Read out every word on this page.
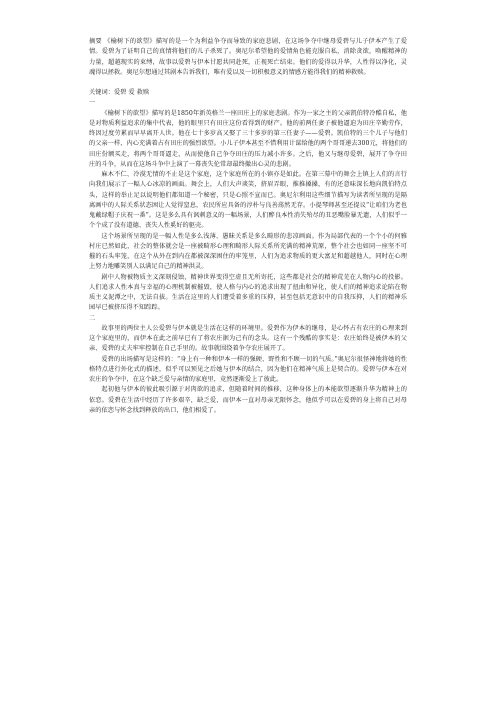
摘要 《榆树下的欲望》描写的是一个为利益争夺而导致的家庭悲剧，在这场争夺中继母爱碧与儿子伊本产生了爱情。爱碧为了证明自己的真情将他们的儿子杀死了。奥尼尔希望他的爱情角色能克服自私，消除贪欲，唤醒精神的力量，超越现实的束缚，故事以爱碧与伊本甘愿共同赴死，正视死亡结束。他们的爱得以升华，人性得以净化，灵魂得以拯救。奥尼尔想通过其剧本告诉我们，唯有爱以及一切积极意义的情感方能得我们的精神救赎。

关键词：爱碧 爱 救赎

一

《榆树下的欲望》描写的是1850年新英格兰一座田庄上的家庭悲剧。作为一家之主的父亲凯伯特冷酷自私，他是对物质利益追求的集中代表，他的眼里只有田庄这份看得到的财产。他的前两任妻子被他逼迫为田庄辛勤劳作，终因过度劳累而早早离开人世。他在七十多岁高又娶了三十多岁的第三任妻子——爱碧。凯伯特的三个儿子与他们的父亲一样，内心充满着占有田庄的强烈欲望。小儿子伊本甚至不惜利用计谋给他的两个哥哥递去300元，将他们的田庄份额买走，将两个哥哥逼走，从而使他自己争夺田庄的压力减小许多。之后，他又与继母爱碧，展开了争夺田庄的斗争，从而在这场斗争中上演了一幕丧失伦常却最终撤出心灵的悲剧。

麻木不仁、冷漠无情的不止是这个家庭，这个家庭所在的小镇亦是如此。在第三幕中的舞会上镇上人们的言行向我们展示了一幅人心冰凉的画面。舞会上，人们大声谈笑，挤眉弄眼，推推搡搡，有的还意味深长地向凯伯特点头，这样的举止足以说明他们都知道一个秘密，只是心照不宣而已。奥尼尔利用这些细节描写为读者所呈现的是隔离画中的人际关系状态困让人觉得窒息，农民所应具备的淳朴与良善荡然无存。小提琴师甚至还提议“让咱们为老也鬼戴绿帽子庆祝一番”。这是多么具有讽刺意义的一幅场景，人们醉良本性消失殆尽的丑恶嘴脸暴无遗，人们似乎一个个成了没有道德、丧失人性奚好的驱壳。

这个场景所呈现的是一幅人性是多么浅薄、愚昧关系是多么畸形的悲凉画面。作为局部代表的一个个小的何雅村庄已然如此，社会的整体就会是一座被畸形心理和畸形人际关系所充满的精神荒原，整个社会也如同一座坚不可摧的石头牢笼，在这个从外在到内在都被深深困住的牢笼里，人们为追求物质的更大富足和超越他人，同时在心理上努力地雕笑别人以满足自己的精神洪灵。

剧中人物被物质主义深刻侵蚀，精神世界变得空虚且无所寄托，这些都是社会的精神荒芜在人物内心的投影。人们追求人性本真与幸福的心理机制被摧毁，使人格与内心的追求出现了扭曲和异化，使人们的精神追求论陷在物质主义泥潭之中，无法自拔。生活在这里的人们遭受着多重的压抑，甚至包括无意识中的自我压抑，人们的精神乐园早已被挤压得不知踪踪。

二

故事里的两位主人公爱碧与伊本就是生活在这样的环境里。爱碧作为伊本的继母，是心怀占有农庄的心理来到这个家庭里的，而伊本在此之前早已有了将农庄据为己有的念头。这有一个残酷的事实是：农庄始终是被伊本的父亲、爱碧的丈夫牢牢控制在自己手里的。故事就围绕着争夺农庄展开了。

爱碧的出场描写是这样的：“身上有一种和伊本一样的强硬、野性和不顾一切的气质。”奥尼尔很怪神地将她的性格特点进行外化式的描述，似乎可以预见之后她与伊本的结合，因为他们在精神气质上是契合的。爱碧与伊本在对农庄的争夺中，在这个缺乏爱与亲情的家庭里，竟然逐渐爱上了彼此。

起初他与伊本的彼此吸引源于对肉欲的追求，但随着时间的推移，这种身体上的本能欲望逐渐升华为精神上的依恋。爱碧在生活中经历了许多艰辛，缺乏爱，而伊本一直对母亲无限怀念，他似乎可以在爱碧的身上将自己对母亲的依恋与怀念找到释放的出口，他们相爱了。
